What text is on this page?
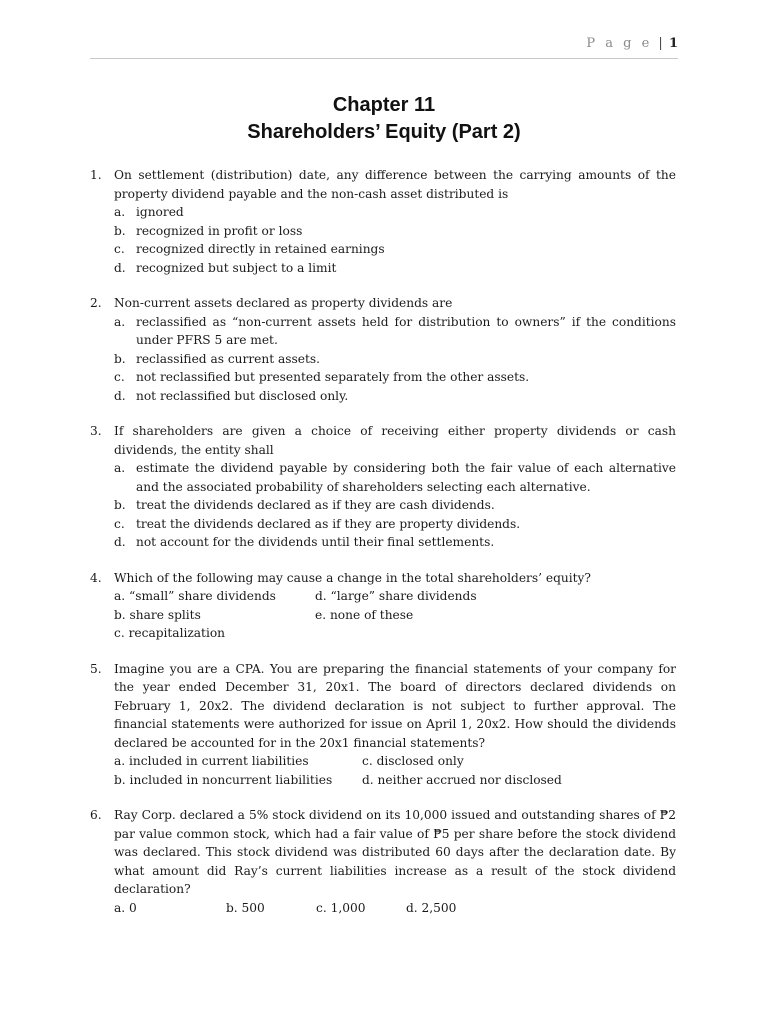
P a g e | 1
Chapter 11
Shareholders’ Equity (Part 2)
1. On settlement (distribution) date, any difference between the carrying amounts of the property dividend payable and the non-cash asset distributed is
a. ignored
b. recognized in profit or loss
c. recognized directly in retained earnings
d. recognized but subject to a limit
2. Non-current assets declared as property dividends are
a. reclassified as “non-current assets held for distribution to owners” if the conditions under PFRS 5 are met.
b. reclassified as current assets.
c. not reclassified but presented separately from the other assets.
d. not reclassified but disclosed only.
3. If shareholders are given a choice of receiving either property dividends or cash dividends, the entity shall
a. estimate the dividend payable by considering both the fair value of each alternative and the associated probability of shareholders selecting each alternative.
b. treat the dividends declared as if they are cash dividends.
c. treat the dividends declared as if they are property dividends.
d. not account for the dividends until their final settlements.
4. Which of the following may cause a change in the total shareholders’ equity?
a. “small” share dividends	d. “large” share dividends
b. share splits	e. none of these
c. recapitalization
5. Imagine you are a CPA. You are preparing the financial statements of your company for the year ended December 31, 20x1. The board of directors declared dividends on February 1, 20x2. The dividend declaration is not subject to further approval. The financial statements were authorized for issue on April 1, 20x2. How should the dividends declared be accounted for in the 20x1 financial statements?
a. included in current liabilities	c. disclosed only
b. included in noncurrent liabilities	d. neither accrued nor disclosed
6. Ray Corp. declared a 5% stock dividend on its 10,000 issued and outstanding shares of ₱2 par value common stock, which had a fair value of ₱5 per share before the stock dividend was declared. This stock dividend was distributed 60 days after the declaration date. By what amount did Ray’s current liabilities increase as a result of the stock dividend declaration?
a. 0	b. 500	c. 1,000	d. 2,500
